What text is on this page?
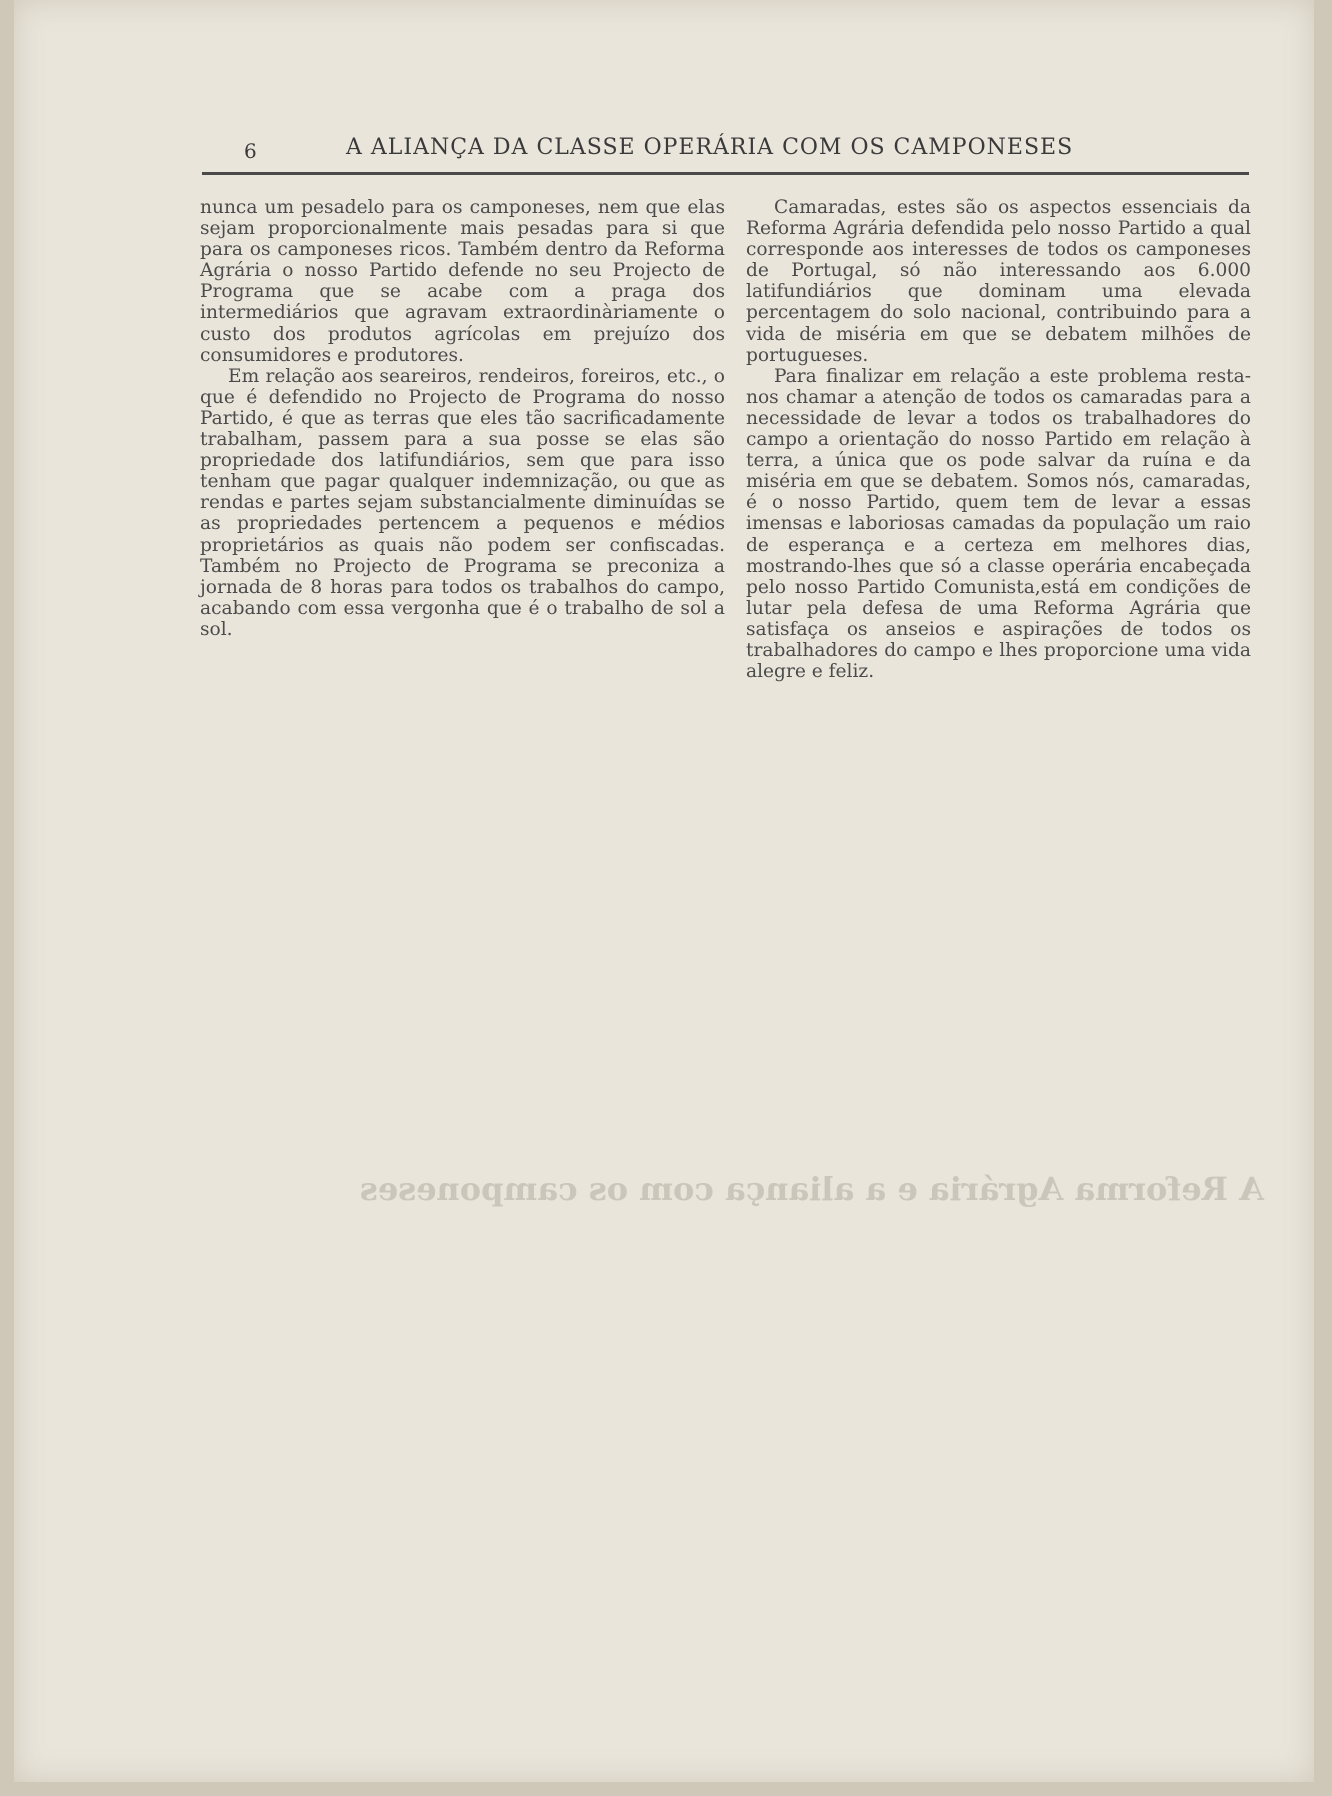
A Reforma Agrária e a aliança com os camponeses
6	A ALIANÇA DA CLASSE OPERÁRIA COM OS CAMPONESES

nunca um pesadelo para os camponeses, nem que elas sejam proporcionalmente mais pesadas para si que para os camponeses ricos. Também dentro da Reforma Agrária o nosso Partido defende no seu Projecto de Programa que se acabe com a praga dos intermediários que agravam extraordinàriamente o custo dos produtos agrícolas em prejuízo dos consumidores e produtores.

Em relação aos seareiros, rendeiros, foreiros, etc., o que é defendido no Projecto de Programa do nosso Partido, é que as terras que eles tão sacrificadamente trabalham, passem para a sua posse se elas são propriedade dos latifundiários, sem que para isso tenham que pagar qualquer indemnização, ou que as rendas e partes sejam substancialmente diminuídas se as propriedades pertencem a pequenos e médios proprietários as quais não podem ser confiscadas. Também no Projecto de Programa se preconiza a jornada de 8 horas para todos os trabalhos do campo, acabando com essa vergonha que é o trabalho de sol a sol.

Camaradas, estes são os aspectos essenciais da Reforma Agrária defendida pelo nosso Partido a qual corresponde aos interesses de todos os camponeses de Portugal, só não interessando aos 6.000 latifundiários que dominam uma elevada percentagem do solo nacional, contribuindo para a vida de miséria em que se debatem milhões de portugueses.

Para finalizar em relação a este problema resta-nos chamar a atenção de todos os camaradas para a necessidade de levar a todos os trabalhadores do campo a orientação do nosso Partido em relação à terra, a única que os pode salvar da ruína e da miséria em que se debatem. Somos nós, camaradas, é o nosso Partido, quem tem de levar a essas imensas e laboriosas camadas da população um raio de esperança e a certeza em melhores dias, mostrando-lhes que só a classe operária encabeçada pelo nosso Partido Comunista,está em condições de lutar pela defesa de uma Reforma Agrária que satisfaça os anseios e aspirações de todos os trabalhadores do campo e lhes proporcione uma vida alegre e feliz.
